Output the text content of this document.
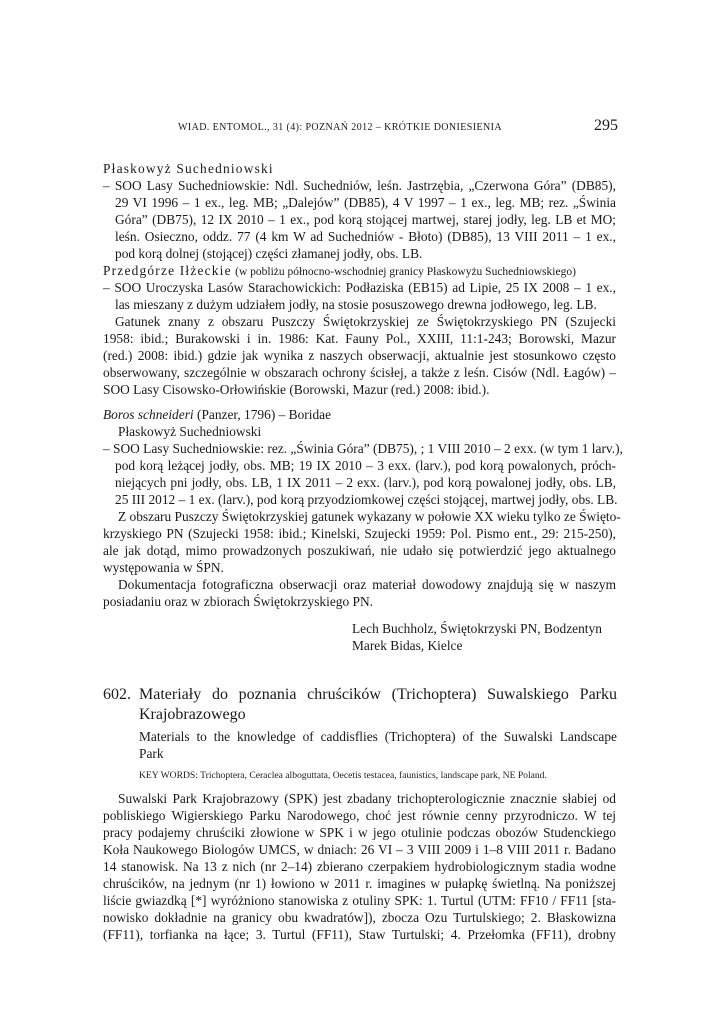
WIAD. ENTOMOL., 31 (4): POZNAŃ 2012 – KRÓTKIE DONIESIENIA	295
Płaskowyż Suchedniowski
– SOO Lasy Suchedniowskie: Ndl. Suchedniów, leśn. Jastrzębia, „Czerwona Góra” (DB85),
29 VI 1996 – 1 ex., leg. MB; „Dalejów” (DB85), 4 V 1997 – 1 ex., leg. MB; rez. „Świnia
Góra” (DB75), 12 IX 2010 – 1 ex., pod korą stojącej martwej, starej jodły, leg. LB et MO;
leśn. Osieczno, oddz. 77 (4 km W ad Suchedniów - Błoto) (DB85), 13 VIII 2011 – 1 ex.,
pod korą dolnej (stojącej) części złamanej jodły, obs. LB.
Przedgórze Iłżeckie (w pobliżu północno-wschodniej granicy Płaskowyżu Suchedniowskiego)
– SOO Uroczyska Lasów Starachowickich: Podłaziska (EB15) ad Lipie, 25 IX 2008 – 1 ex.,
las mieszany z dużym udziałem jodły, na stosie posuszowego drewna jodłowego, leg. LB.
Gatunek znany z obszaru Puszczy Świętokrzyskiej ze Świętokrzyskiego PN (Szujecki
1958: ibid.; Burakowski i in. 1986: Kat. Fauny Pol., XXIII, 11:1-243; Borowski, Mazur
(red.) 2008: ibid.) gdzie jak wynika z naszych obserwacji, aktualnie jest stosunkowo często
obserwowany, szczególnie w obszarach ochrony ścisłej, a także z leśn. Cisów (Ndl. Łagów) –
SOO Lasy Cisowsko-Orłowińskie (Borowski, Mazur (red.) 2008: ibid.).
Boros schneideri (Panzer, 1796) – Boridae
Płaskowyż Suchedniowski
– SOO Lasy Suchedniowskie: rez. „Świnia Góra” (DB75), ; 1 VIII 2010 – 2 exx. (w tym 1 larv.),
pod korą leżącej jodły, obs. MB; 19 IX 2010 – 3 exx. (larv.), pod korą powalonych, próch-
niejących pni jodły, obs. LB, 1 IX 2011 – 2 exx. (larv.), pod korą powalonej jodły, obs. LB,
25 III 2012 – 1 ex. (larv.), pod korą przyodziomkowej części stojącej, martwej jodły, obs. LB.
Z obszaru Puszczy Świętokrzyskiej gatunek wykazany w połowie XX wieku tylko ze Święto-
krzyskiego PN (Szujecki 1958: ibid.; Kinelski, Szujecki 1959: Pol. Pismo ent., 29: 215-250),
ale jak dotąd, mimo prowadzonych poszukiwań, nie udało się potwierdzić jego aktualnego
występowania w ŚPN.
Dokumentacja fotograficzna obserwacji oraz materiał dowodowy znajdują się w naszym
posiadaniu oraz w zbiorach Świętokrzyskiego PN.
Lech Buchholz, Świętokrzyski PN, Bodzentyn
Marek Bidas, Kielce
602. Materiały do poznania chruścików (Trichoptera) Suwalskiego Parku
Krajobrazowego
Materials to the knowledge of caddisflies (Trichoptera) of the Suwalski Landscape
Park
KEY WORDS: Trichoptera, Ceraclea alboguttata, Oecetis testacea, faunistics, landscape park, NE Poland.
Suwalski Park Krajobrazowy (SPK) jest zbadany trichopterologicznie znacznie słabiej od
pobliskiego Wigierskiego Parku Narodowego, choć jest równie cenny przyrodniczo. W tej
pracy podajemy chruściki złowione w SPK i w jego otulinie podczas obozów Studenckiego
Koła Naukowego Biologów UMCS, w dniach: 26 VI – 3 VIII 2009 i 1–8 VIII 2011 r. Badano
14 stanowisk. Na 13 z nich (nr 2–14) zbierano czerpakiem hydrobiologicznym stadia wodne
chruścików, na jednym (nr 1) łowiono w 2011 r. imagines w pułapkę świetlną. Na poniższej
liście gwiazdką [*] wyróżniono stanowiska z otuliny SPK: 1. Turtul (UTM: FF10 / FF11 [sta-
nowisko dokładnie na granicy obu kwadratów]), zbocza Ozu Turtulskiego; 2. Błaskowizna
(FF11), torfianka na łące; 3. Turtul (FF11), Staw Turtulski; 4. Przełomka (FF11), drobny
